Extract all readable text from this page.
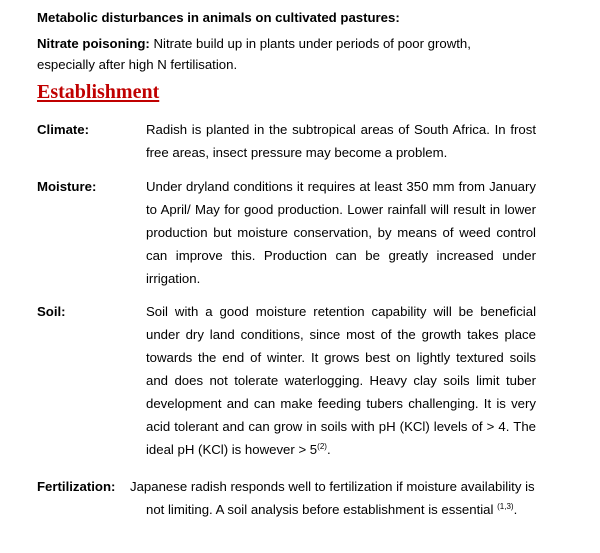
Metabolic disturbances in animals on cultivated pastures:
Nitrate poisoning: Nitrate build up in plants under periods of poor growth, especially after high N fertilisation.
Establishment
Climate:	Radish is planted in the subtropical areas of South Africa. In frost free areas, insect pressure may become a problem.
Moisture:	Under dryland conditions it requires at least 350 mm from January to April/ May for good production. Lower rainfall will result in lower production but moisture conservation, by means of weed control can improve this. Production can be greatly increased under irrigation.
Soil:	Soil with a good moisture retention capability will be beneficial under dry land conditions, since most of the growth takes place towards the end of winter. It grows best on lightly textured soils and does not tolerate waterlogging. Heavy clay soils limit tuber development and can make feeding tubers challenging. It is very acid tolerant and can grow in soils with pH (KCl) levels of > 4. The ideal pH (KCl) is however > $5^{(2)}$.
Fertilization: Japanese radish responds well to fertilization if moisture availability is
not limiting. A soil analysis before establishment is essential $^{(1,3)}$.
